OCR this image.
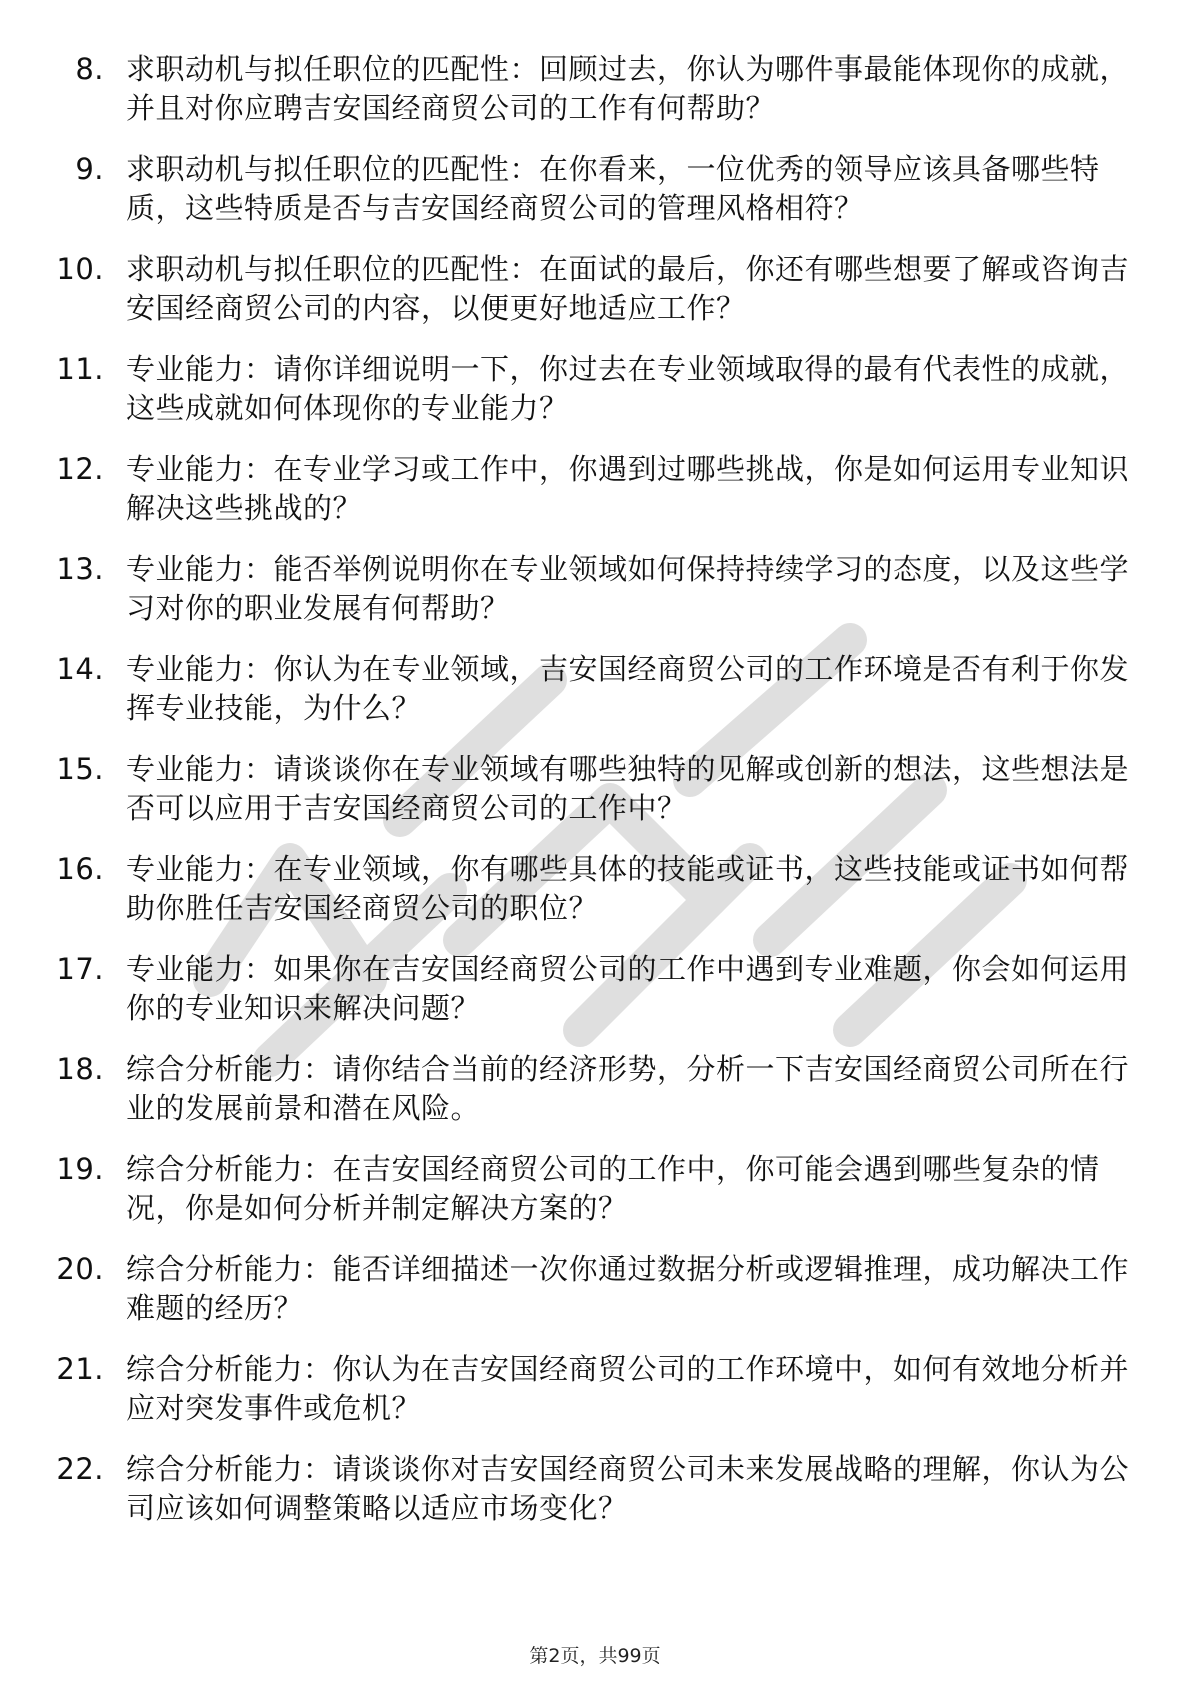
8. 求职动机与拟任职位的匹配性：回顾过去，你认为哪件事最能体现你的成就，并且对你应聘吉安国经商贸公司的工作有何帮助？
9. 求职动机与拟任职位的匹配性：在你看来，一位优秀的领导应该具备哪些特质，这些特质是否与吉安国经商贸公司的管理风格相符？
10. 求职动机与拟任职位的匹配性：在面试的最后，你还有哪些想要了解或咨询吉安国经商贸公司的内容，以便更好地适应工作？
11. 专业能力：请你详细说明一下，你过去在专业领域取得的最有代表性的成就，这些成就如何体现你的专业能力？
12. 专业能力：在专业学习或工作中，你遇到过哪些挑战，你是如何运用专业知识解决这些挑战的？
13. 专业能力：能否举例说明你在专业领域如何保持持续学习的态度，以及这些学习对你的职业发展有何帮助？
14. 专业能力：你认为在专业领域，吉安国经商贸公司的工作环境是否有利于你发挥专业技能，为什么？
15. 专业能力：请谈谈你在专业领域有哪些独特的见解或创新的想法，这些想法是否可以应用于吉安国经商贸公司的工作中？
16. 专业能力：在专业领域，你有哪些具体的技能或证书，这些技能或证书如何帮助你胜任吉安国经商贸公司的职位？
17. 专业能力：如果你在吉安国经商贸公司的工作中遇到专业难题，你会如何运用你的专业知识来解决问题？
18. 综合分析能力：请你结合当前的经济形势，分析一下吉安国经商贸公司所在行业的发展前景和潜在风险。
19. 综合分析能力：在吉安国经商贸公司的工作中，你可能会遇到哪些复杂的情况，你是如何分析并制定解决方案的？
20. 综合分析能力：能否详细描述一次你通过数据分析或逻辑推理，成功解决工作难题的经历？
21. 综合分析能力：你认为在吉安国经商贸公司的工作环境中，如何有效地分析并应对突发事件或危机？
22. 综合分析能力：请谈谈你对吉安国经商贸公司未来发展战略的理解，你认为公司应该如何调整策略以适应市场变化？
第2页，共99页
